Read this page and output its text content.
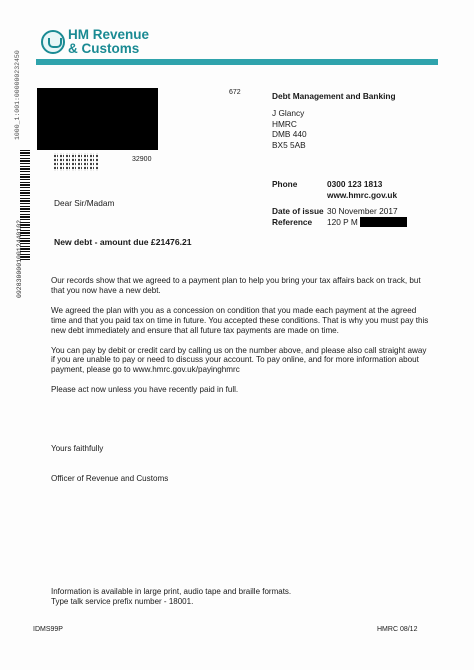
1000_1:001:000000232450
HM Revenue
& Customs
672
32900
09283000010012440102
Debt Management and Banking
J Glancy
HMRC
DMB 440
BX5 5AB
Phone	0300 123 1813
www.hmrc.gov.uk
Date of issue 30 November 2017
Reference	120 P M
Dear Sir/Madam
New debt - amount due £21476.21

Our records show that we agreed to a payment plan to help you bring your tax affairs back on track, but that you now have a new debt.

We agreed the plan with you as a concession on condition that you made each payment at the agreed time and that you paid tax on time in future. You accepted these conditions. That is why you must pay this new debt immediately and ensure that all future tax payments are made on time.

You can pay by debit or credit card by calling us on the number above, and please also call straight away if you are unable to pay or need to discuss your account. To pay online, and for more information about payment, please go to www.hmrc.gov.uk/payinghmrc

Please act now unless you have recently paid in full.

Yours faithfully
Officer of Revenue and Customs
Information is available in large print, audio tape and braille formats.
Type talk service prefix number - 18001.
IDMS99P	HMRC 08/12
